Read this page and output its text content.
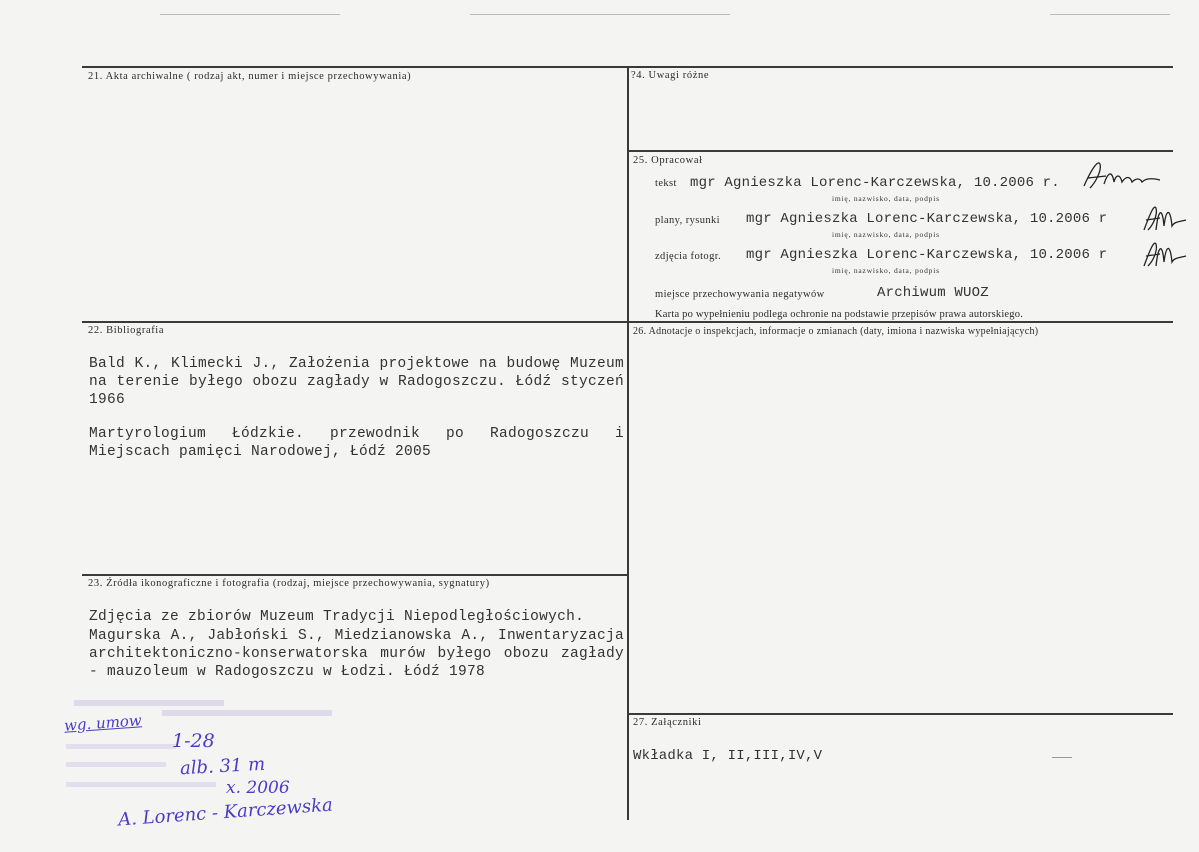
21. Akta archiwalne ( rodzaj akt, numer i miejsce przechowywania)
22. Bibliografia
Bald K., Klimecki J., Założenia projektowe na budowę Muzeum na terenie byłego obozu zagłady w Radogoszczu. Łódź styczeń 1966
Martyrologium Łódzkie. przewodnik po Radogoszczu i Miejscach pamięci Narodowej, Łódź 2005
23. Źródła ikonograficzne i fotografia (rodzaj, miejsce przechowywania, sygnatury)
Zdjęcia ze zbiorów Muzeum Tradycji Niepodległościowych.
Magurska A., Jabłoński S., Miedzianowska A., Inwentaryzacja architektoniczno-konserwatorska murów byłego obozu zagłady - mauzoleum w Radogoszczu w Łodzi. Łódź 1978
?4. Uwagi różne
25. Opracował
tekst mgr Agnieszka Lorenc-Karczewska, 10.2006 r.
imię, nazwisko, data, podpis
plany, rysunki mgr Agnieszka Lorenc-Karczewska, 10.2006 r
imię, nazwisko, data, podpis
zdjęcia fotogr. mgr Agnieszka Lorenc-Karczewska, 10.2006 r
imię, nazwisko, data, podpis
miejsce przechowywania negatywów	Archiwum WUOZ
Karta po wypełnieniu podlega ochronie na podstawie przepisów prawa autorskiego.
26. Adnotacje o inspekcjach, informacje o zmianach (daty, imiona i nazwiska wypełniających)
27. Załączniki
Wkładka I, II,III,IV,V
wg. umow
1-28
alb. 31 m
x. 2006
A. Lorenc - Karczewska
